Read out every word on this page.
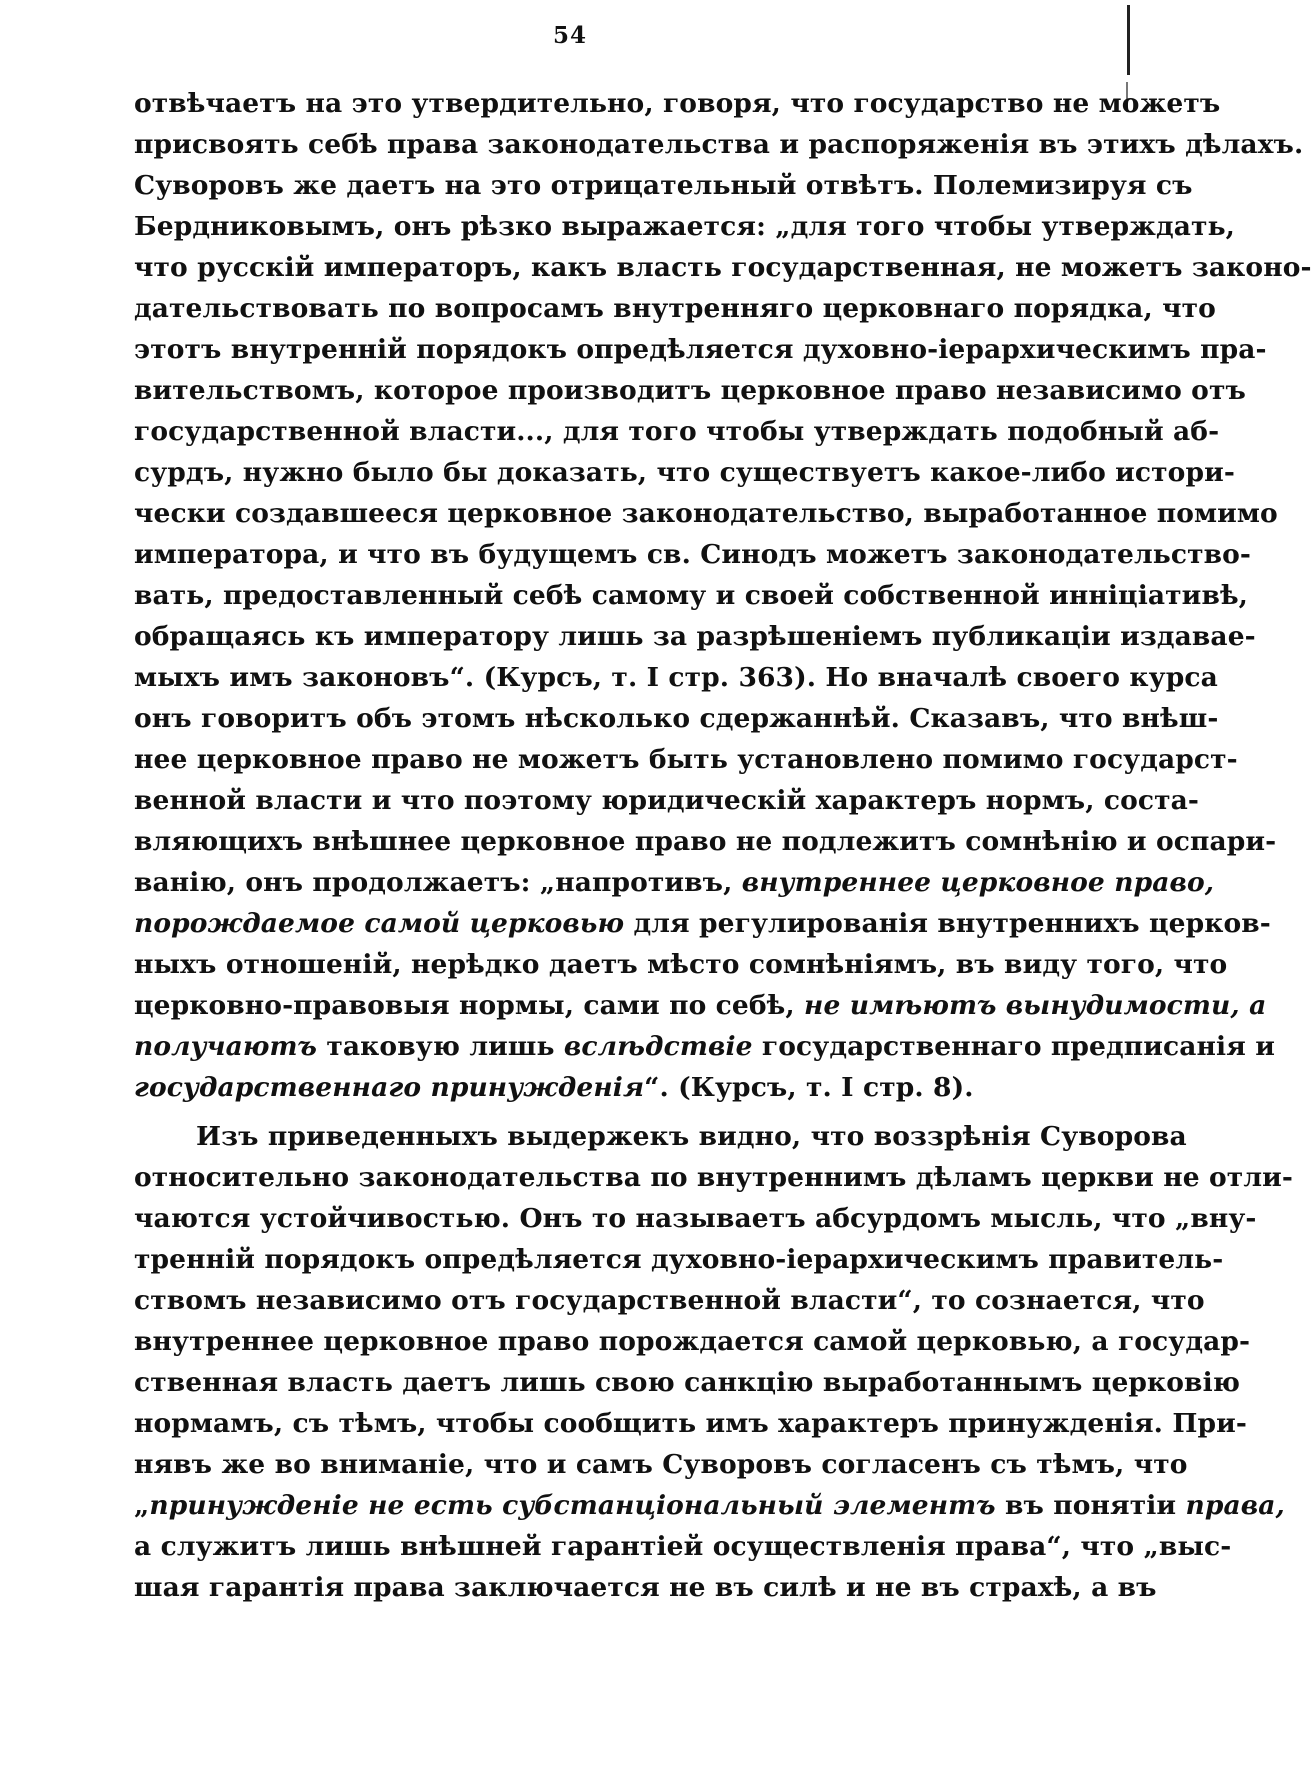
54
отвѣчаетъ на это утвердительно, говоря, что государство не можетъ
присвоять себѣ права законодательства и распоряженія въ этихъ дѣлахъ.
Суворовъ же даетъ на это отрицательный отвѣтъ. Полемизируя съ
Бердниковымъ, онъ рѣзко выражается: „для того чтобы утверждать,
что русскій императоръ, какъ власть государственная, не можетъ законо-
дательствовать по вопросамъ внутренняго церковнаго порядка, что
этотъ внутренній порядокъ опредѣляется духовно-іерархическимъ пра-
вительствомъ, которое производитъ церковное право независимо отъ
государственной власти..., для того чтобы утверждать подобный аб-
сурдъ, нужно было бы доказать, что существуетъ какое-либо истори-
чески создавшееся церковное законодательство, выработанное помимо
императора, и что въ будущемъ св. Синодъ можетъ законодательство-
вать, предоставленный себѣ самому и своей собственной инніціативѣ,
обращаясь къ императору лишь за разрѣшеніемъ публикаціи издавае-
мыхъ имъ законовъ“. (Курсъ, т. I стр. 363). Но вначалѣ своего курса
онъ говоритъ объ этомъ нѣсколько сдержаннѣй. Сказавъ, что внѣш-
нее церковное право не можетъ быть установлено помимо государст-
венной власти и что поэтому юридическій характеръ нормъ, соста-
вляющихъ внѣшнее церковное право не подлежитъ сомнѣнію и оспари-
ванію, онъ продолжаетъ: „напротивъ, внутреннее церковное право,
порождаемое самой церковью для регулированія внутреннихъ церков-
ныхъ отношеній, нерѣдко даетъ мѣсто сомнѣніямъ, въ виду того, что
церковно-правовыя нормы, сами по себѣ, не имѣютъ вынудимости, а
получаютъ таковую лишь вслѣдствіе государственнаго предписанія и
государственнаго принужденія“. (Курсъ, т. I стр. 8).
Изъ приведенныхъ выдержекъ видно, что воззрѣнія Суворова
относительно законодательства по внутреннимъ дѣламъ церкви не отли-
чаются устойчивостью. Онъ то называетъ абсурдомъ мысль, что „вну-
тренній порядокъ опредѣляется духовно-іерархическимъ правитель-
ствомъ независимо отъ государственной власти“, то сознается, что
внутреннее церковное право порождается самой церковью, а государ-
ственная власть даетъ лишь свою санкцію выработаннымъ церковію
нормамъ, съ тѣмъ, чтобы сообщить имъ характеръ принужденія. При-
нявъ же во вниманіе, что и самъ Суворовъ согласенъ съ тѣмъ, что
„принужденіе не есть субстанціональный элементъ въ понятіи права,
а служитъ лишь внѣшней гарантіей осуществленія права“, что „выс-
шая гарантія права заключается не въ силѣ и не въ страхѣ, а въ
